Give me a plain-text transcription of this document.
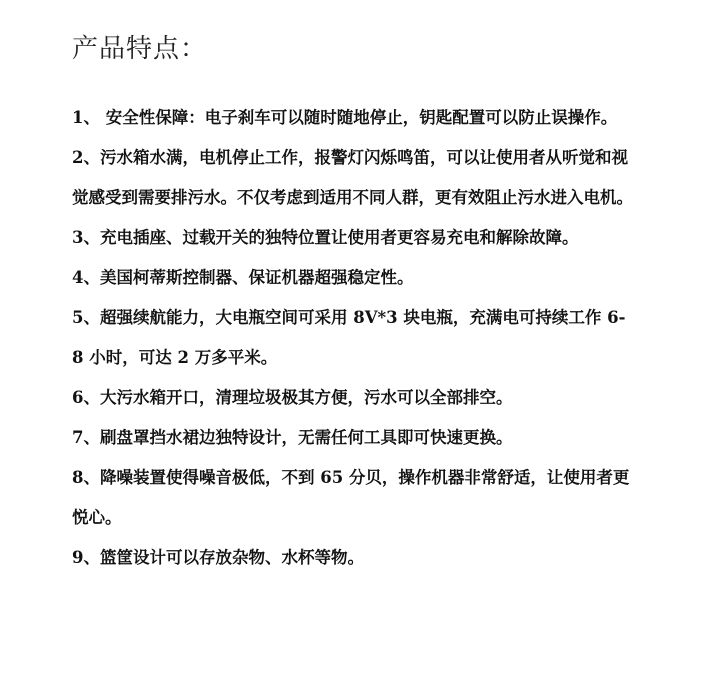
产品特点：
1、 安全性保障：电子刹车可以随时随地停止，钥匙配置可以防止误操作。
2、污水箱水满，电机停止工作，报警灯闪烁鸣笛，可以让使用者从听觉和视觉感受到需要排污水。不仅考虑到适用不同人群，更有效阻止污水进入电机。
3、充电插座、过载开关的独特位置让使用者更容易充电和解除故障。
4、美国柯蒂斯控制器、保证机器超强稳定性。
5、超强续航能力，大电瓶空间可采用 8V*3 块电瓶，充满电可持续工作 6-8 小时，可达 2 万多平米。
6、大污水箱开口，清理垃圾极其方便，污水可以全部排空。
7、刷盘罩挡水裙边独特设计，无需任何工具即可快速更换。
8、降噪装置使得噪音极低，不到 65 分贝，操作机器非常舒适，让使用者更悦心。
9、篮筐设计可以存放杂物、水杯等物。
